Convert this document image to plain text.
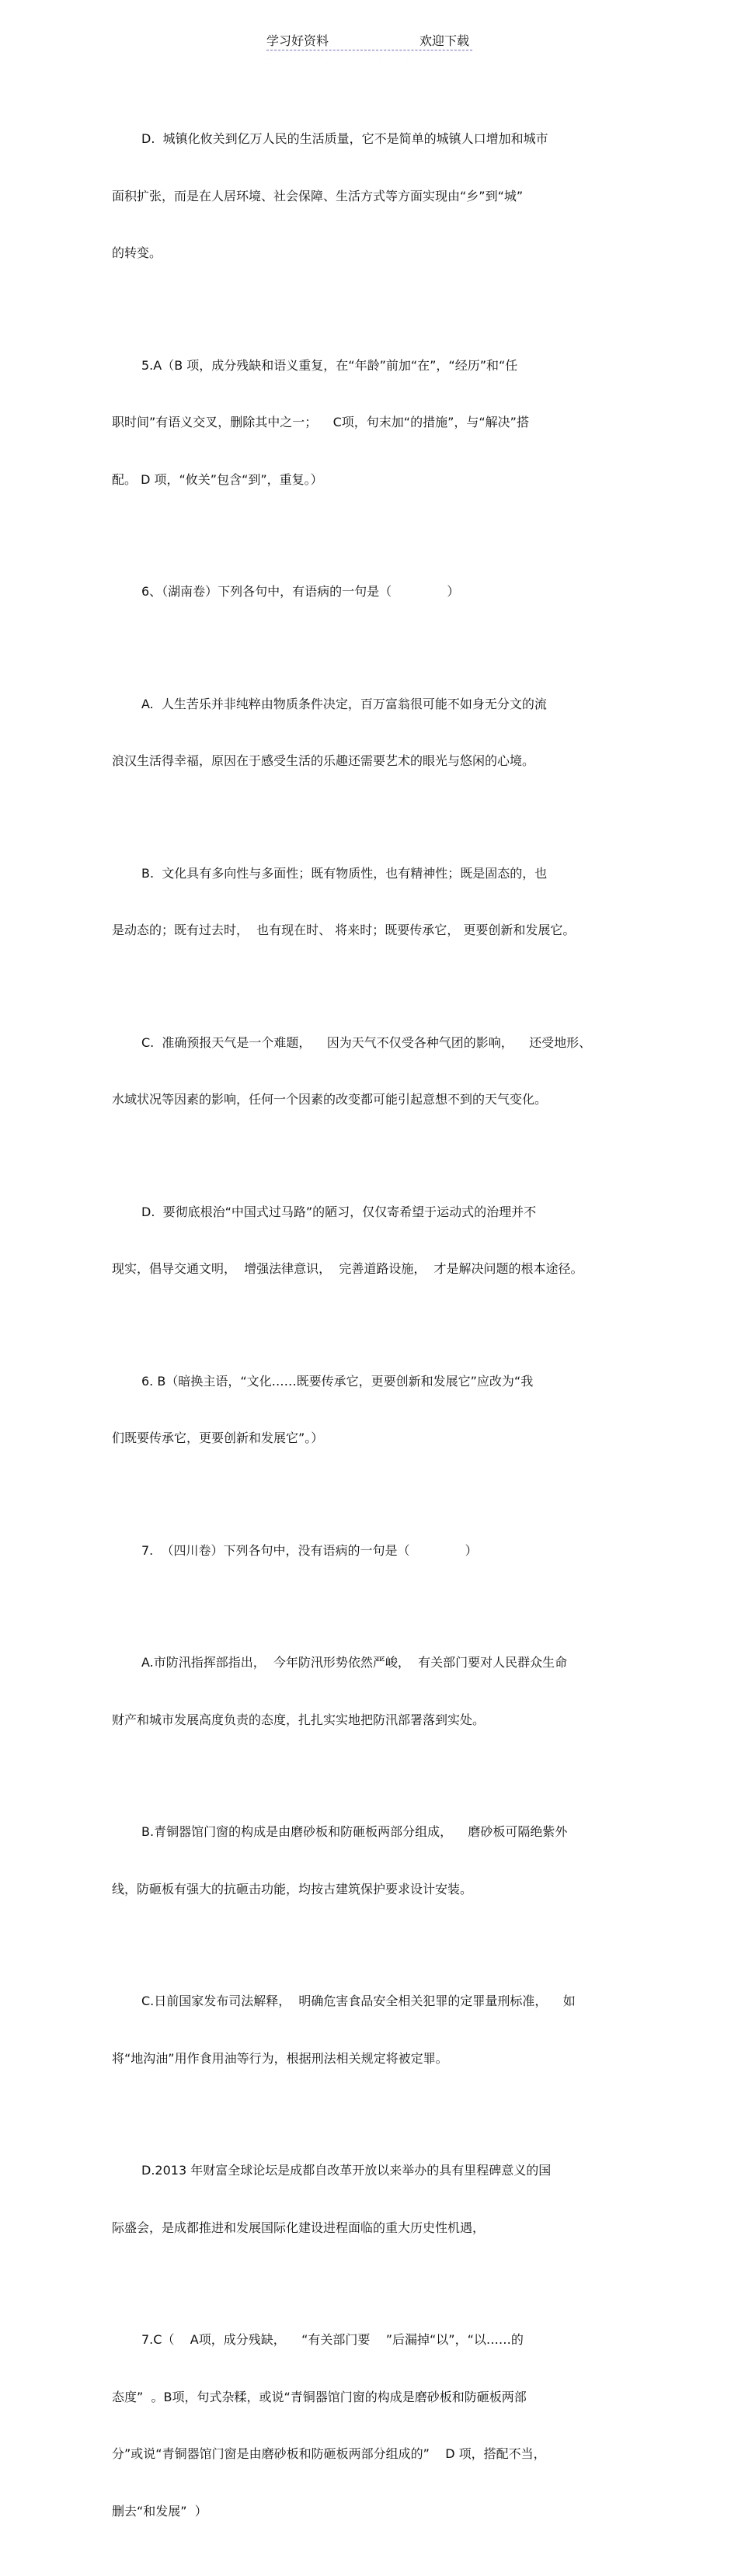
学习好资料	欢迎下载

D.  城镇化攸关到亿万人民的生活质量，它不是简单的城镇人口增加和城市

面积扩张，而是在人居环境、社会保障、生活方式等方面实现由“乡”到“城”

的转变。

5.A（B 项，成分残缺和语义重复，在“年龄”前加“在”，“经历”和“任

职时间”有语义交叉，删除其中之一；    C项，句末加“的措施”，与“解决”搭

配。 D 项，“攸关”包含“到”，重复。）

6、（湖南卷）下列各句中，有语病的一句是（              ）

A.  人生苦乐并非纯粹由物质条件决定，百万富翁很可能不如身无分文的流

浪汉生活得幸福，原因在于感受生活的乐趣还需要艺术的眼光与悠闲的心境。

B.  文化具有多向性与多面性；既有物质性，也有精神性；既是固态的，也

是动态的；既有过去时，  也有现在时、 将来时；既要传承它， 更要创新和发展它。

C.  准确预报天气是一个难题，    因为天气不仅受各种气团的影响，    还受地形、

水域状况等因素的影响，任何一个因素的改变都可能引起意想不到的天气变化。

D.  要彻底根治“中国式过马路”的陋习，仅仅寄希望于运动式的治理并不

现实，倡导交通文明，  增强法律意识，  完善道路设施，  才是解决问题的根本途径。

6. B（暗换主语，“文化……既要传承它，更要创新和发展它”应改为“我

们既要传承它，更要创新和发展它”。）

7.  （四川卷）下列各句中，没有语病的一句是（              ）

A.市防汛指挥部指出，  今年防汛形势依然严峻，  有关部门要对人民群众生命

财产和城市发展高度负责的态度，扎扎实实地把防汛部署落到实处。

B.青铜器馆门窗的构成是由磨砂板和防砸板两部分组成，    磨砂板可隔绝紫外

线，防砸板有强大的抗砸击功能，均按古建筑保护要求设计安装。

C.日前国家发布司法解释，  明确危害食品安全相关犯罪的定罪量刑标准，    如

将“地沟油”用作食用油等行为，根据刑法相关规定将被定罪。

D.2013 年财富全球论坛是成都自改革开放以来举办的具有里程碑意义的国

际盛会，是成都推进和发展国际化建设进程面临的重大历史性机遇，

7.C（    A项，成分残缺，    “有关部门要    ”后漏掉“以”，“以……的

态度”  。B项，句式杂糅，或说“青铜器馆门窗的构成是磨砂板和防砸板两部

分”或说“青铜器馆门窗是由磨砂板和防砸板两部分组成的”    D 项，搭配不当，

删去“和发展”  ）
